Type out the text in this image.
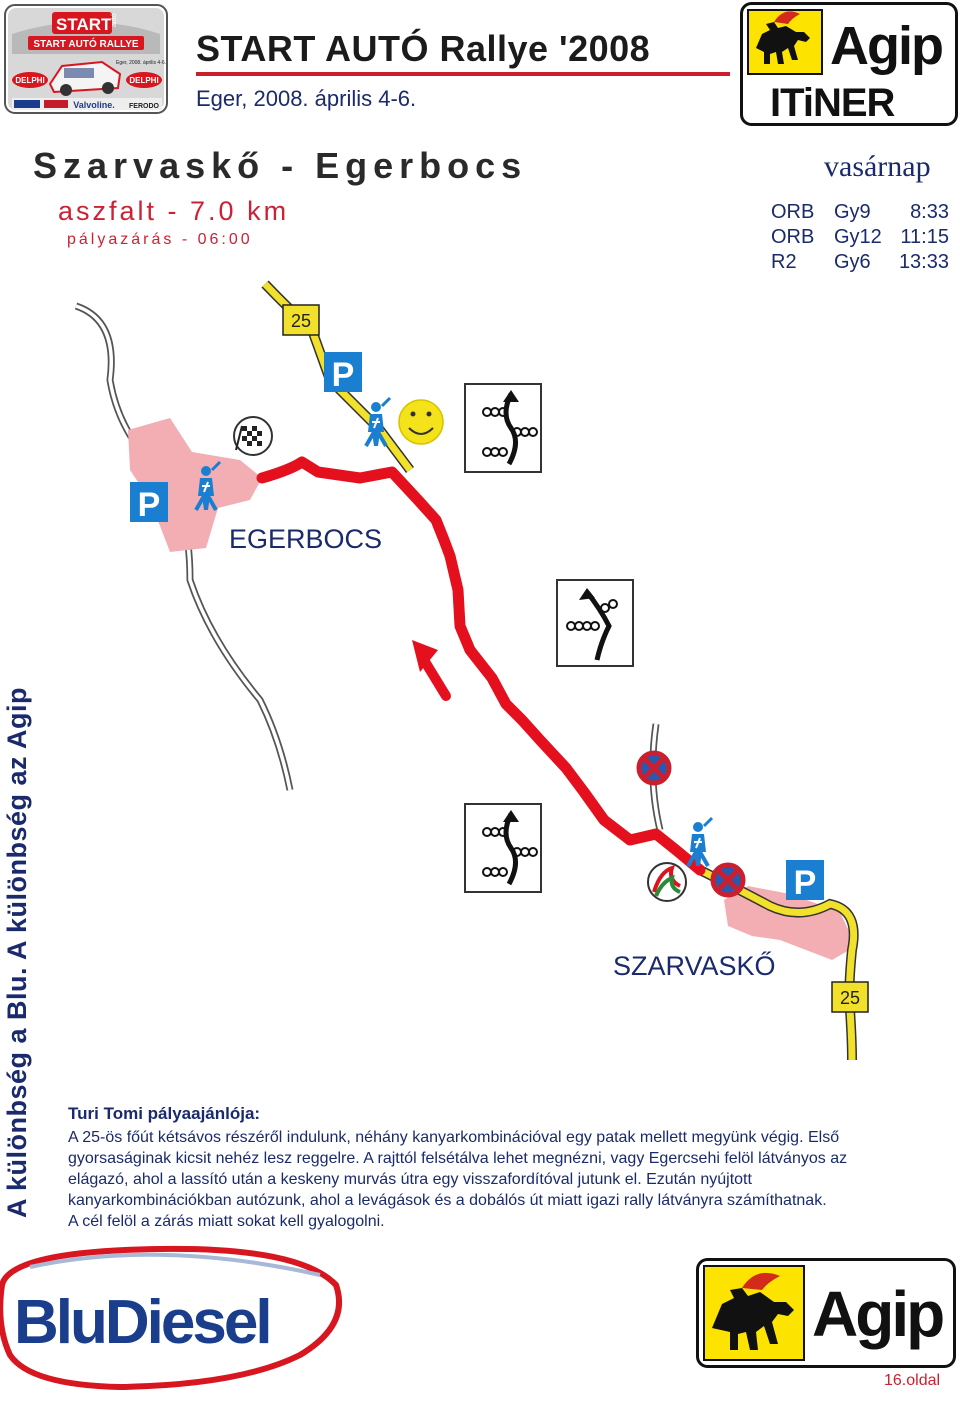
START autó
START AUTÓ RALLYE
Eger, 2008. április 4-6.
DELPHI	DELPHI
Valvoline. FERODO
START AUTÓ Rallye '2008
Eger, 2008. április 4-6.
Agip
ITiNER
Szarvaskő - Egerbocs
aszfalt - 7.0 km
pályazárás - 06:00
vasárnap
ORB Gy9	8:33
ORB Gy12 11:15
R2	Gy6	13:33
A különbség a Blu. A különbség az Agip
25
25
P
P
P
EGERBOCS
SZARVASKŐ
Turi Tomi pályaajánlója:
A 25-ös főút kétsávos részéről indulunk, néhány kanyarkombinációval egy patak mellett megyünk végig. Első
gyorsaságinak kicsit nehéz lesz reggelre. A rajttól felsétálva lehet megnézni, vagy Egercsehi felöl látványos az
elágazó, ahol a lassító után a keskeny murvás útra egy visszafordítóval jutunk el. Ezután nyújtott
kanyarkombinációkban autózunk, ahol a levágások és a dobálós út miatt igazi rally látványra számíthatnak.
A cél felöl a zárás miatt sokat kell gyalogolni.
BluDiesel	Agip
16.oldal
